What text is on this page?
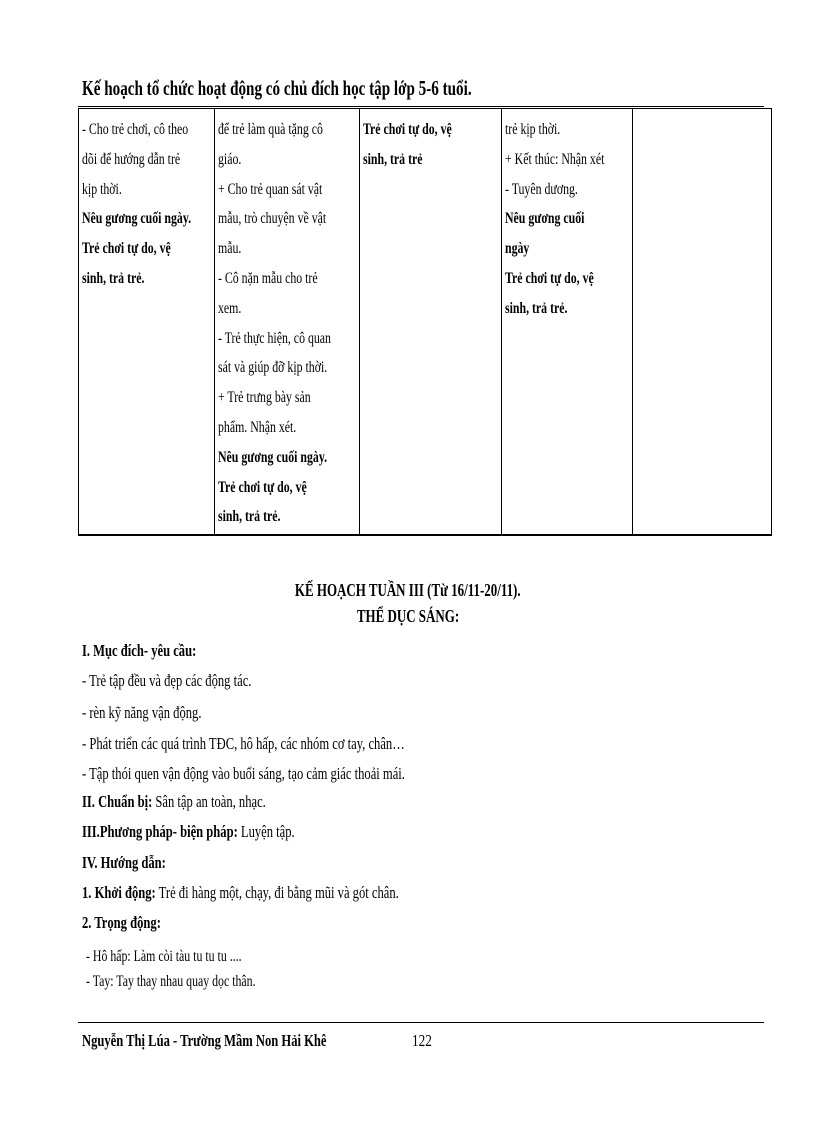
Kế hoạch tổ chức hoạt động có chủ đích học tập lớp 5-6 tuổi.
- Cho trẻ chơi, cô theo
dõi để hướng dẫn trẻ
kịp thời.
Nêu gương cuối ngày.
Trẻ chơi tự do, vệ
sinh, trả trẻ.

để trẻ làm quà tặng cô
giáo.
+ Cho trẻ quan sát vật
mẫu, trò chuyện về vật
mẫu.
- Cô nặn mẫu cho trẻ
xem.
- Trẻ thực hiện, cô quan
sát và giúp đỡ kịp thời.
+ Trẻ trưng bày sản
phẩm. Nhận xét.
Nêu gương cuối ngày.
Trẻ chơi tự do, vệ
sinh, trả trẻ.

Trẻ chơi tự do, vệ
sinh, trả trẻ

trẻ kịp thời.
+ Kết thúc: Nhận xét
- Tuyên dương.
Nêu gương cuối
ngày
Trẻ chơi tự do, vệ
sinh, trả trẻ.

KẾ HOẠCH TUẦN III (Từ 16/11-20/11).
THỂ DỤC SÁNG:
I. Mục đích- yêu cầu:
- Trẻ tập đều và đẹp các động tác.
- rèn kỹ năng vận động.
- Phát triển các quá trình TĐC, hô hấp, các nhóm cơ tay, chân…
- Tập thói quen vận động vào buổi sáng, tạo cảm giác thoải mái.
II. Chuẩn bị: Sân tập an toàn, nhạc.
III.Phương pháp- biện pháp: Luyện tập.
IV. Hướng dẫn:
1. Khởi động: Trẻ đi hàng một, chạy, đi bằng mũi và gót chân.
2. Trọng động:
- Hô hấp: Làm còi tàu tu tu tu ....
- Tay: Tay thay nhau quay dọc thân.
Nguyễn Thị Lúa - Trường Mầm Non Hải Khê	122
